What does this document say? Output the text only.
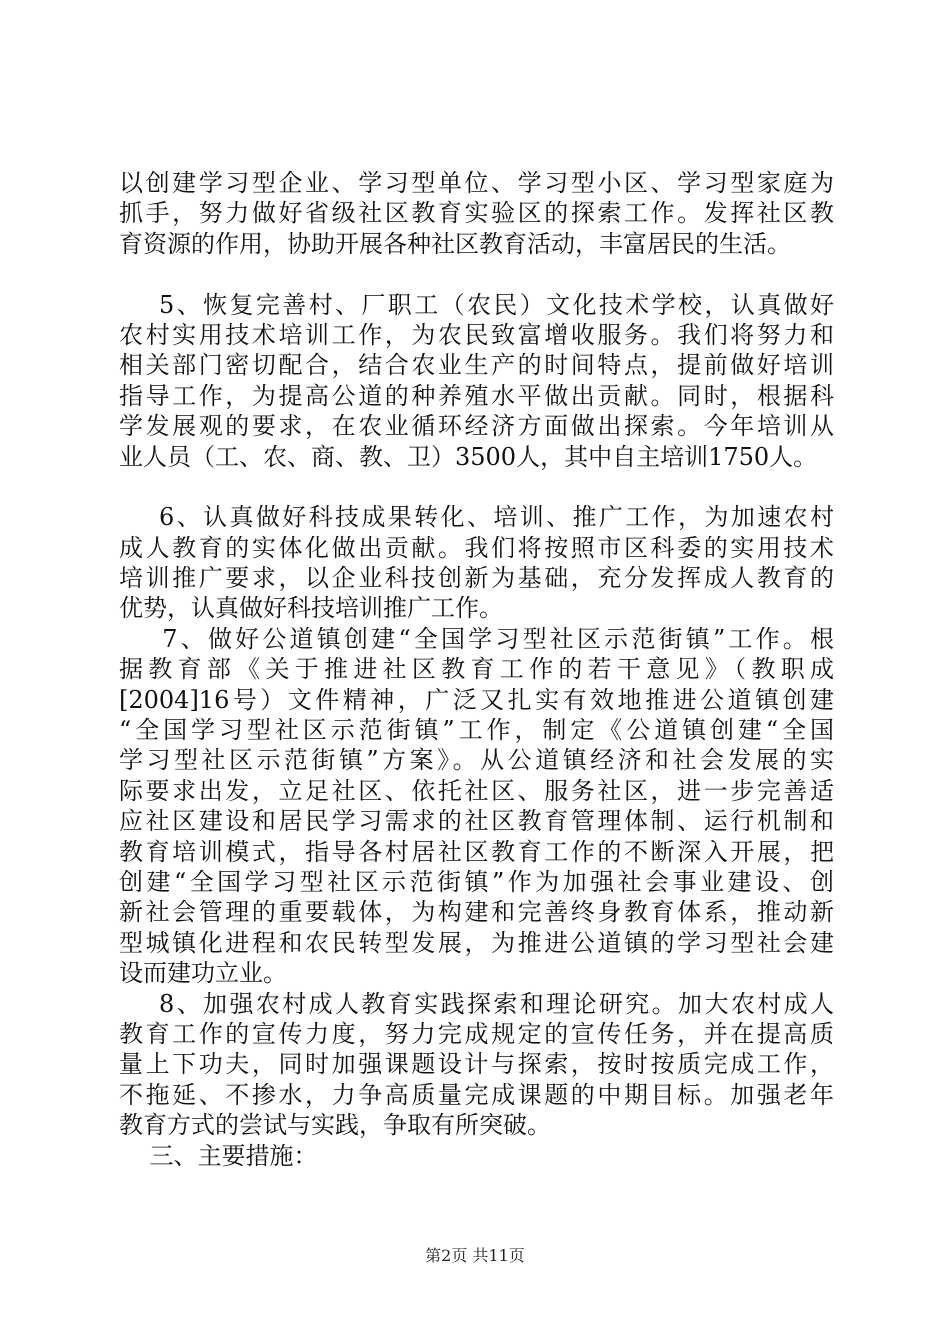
以创建学习型企业、学习型单位、学习型小区、学习型家庭为
抓手，努力做好省级社区教育实验区的探索工作。发挥社区教
育资源的作用，协助开展各种社区教育活动，丰富居民的生活。
5、恢复完善村、厂职工（农民）文化技术学校，认真做好
农村实用技术培训工作，为农民致富增收服务。我们将努力和
相关部门密切配合，结合农业生产的时间特点，提前做好培训
指导工作，为提高公道的种养殖水平做出贡献。同时，根据科
学发展观的要求，在农业循环经济方面做出探索。今年培训从
业人员（工、农、商、教、卫）3500人，其中自主培训1750人。
6、认真做好科技成果转化、培训、推广工作，为加速农村
成人教育的实体化做出贡献。我们将按照市区科委的实用技术
培训推广要求，以企业科技创新为基础，充分发挥成人教育的
优势，认真做好科技培训推广工作。
7、做好公道镇创建“全国学习型社区示范街镇”工作。根
据教育部《关于推进社区教育工作的若干意见》（教职成
[2004]16号）文件精神，广泛又扎实有效地推进公道镇创建
“全国学习型社区示范街镇”工作，制定《公道镇创建“全国
学习型社区示范街镇”方案》。从公道镇经济和社会发展的实
际要求出发，立足社区、依托社区、服务社区，进一步完善适
应社区建设和居民学习需求的社区教育管理体制、运行机制和
教育培训模式，指导各村居社区教育工作的不断深入开展，把
创建“全国学习型社区示范街镇”作为加强社会事业建设、创
新社会管理的重要载体，为构建和完善终身教育体系，推动新
型城镇化进程和农民转型发展，为推进公道镇的学习型社会建
设而建功立业。
8、加强农村成人教育实践探索和理论研究。加大农村成人
教育工作的宣传力度，努力完成规定的宣传任务，并在提高质
量上下功夫，同时加强课题设计与探索，按时按质完成工作，
不拖延、不掺水，力争高质量完成课题的中期目标。加强老年
教育方式的尝试与实践，争取有所突破。
三、主要措施：
第2页 共11页
